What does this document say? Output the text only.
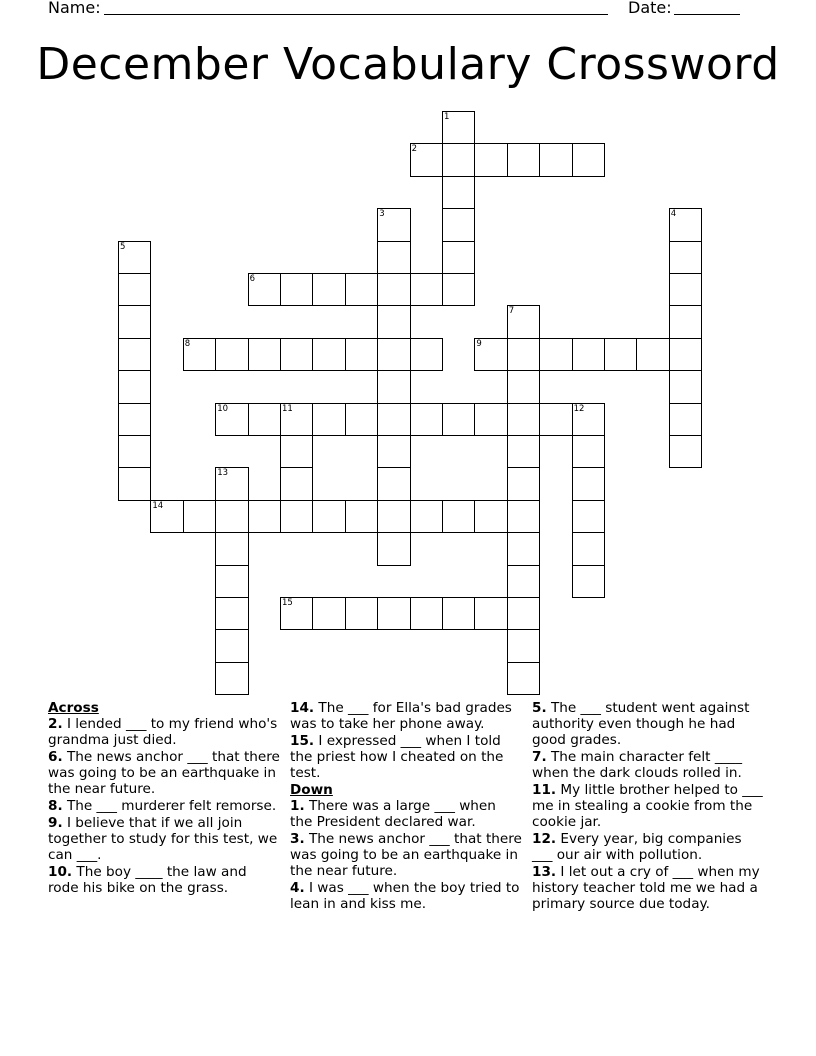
Name:	Date:
December Vocabulary Crossword
1
2
3	4
5
6
7
8	9
10	11	12
13
14
15
Across
2. I lended ___ to my friend who's grandma just died.
6. The news anchor ___ that there was going to be an earthquake in the near future.
8. The ___ murderer felt remorse.
9. I believe that if we all join together to study for this test, we can ___.
10. The boy ____ the law and rode his bike on the grass.
14. The ___ for Ella's bad grades was to take her phone away.
15. I expressed ___ when I told the priest how I cheated on the test.
Down
1. There was a large ___ when the President declared war.
3. The news anchor ___ that there was going to be an earthquake in the near future.
4. I was ___ when the boy tried to lean in and kiss me.
5. The ___ student went against authority even though he had good grades.
7. The main character felt ____ when the dark clouds rolled in.
11. My little brother helped to ___ me in stealing a cookie from the cookie jar.
12. Every year, big companies ___ our air with pollution.
13. I let out a cry of ___ when my history teacher told me we had a primary source due today.
